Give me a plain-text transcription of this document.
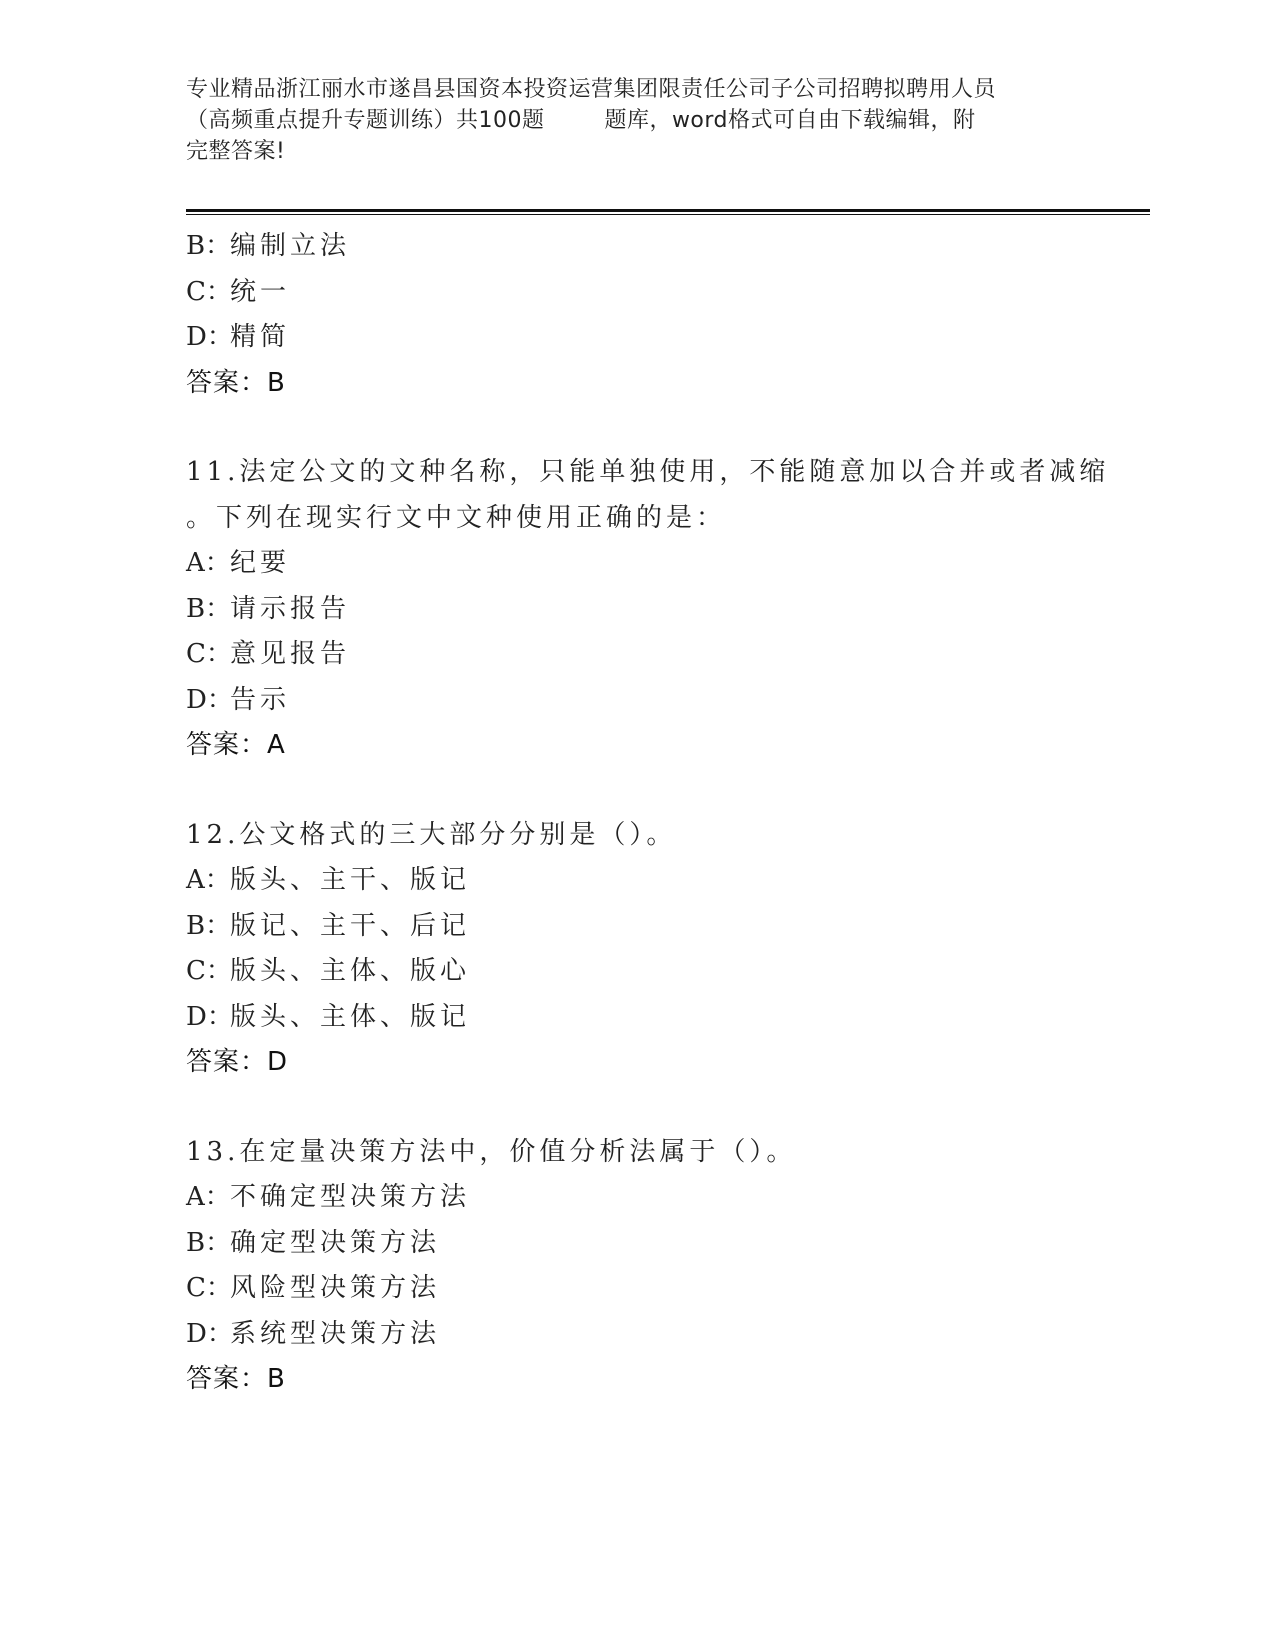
专业精品浙江丽水市遂昌县国资本投资运营集团限责任公司子公司招聘拟聘用人员
（高频重点提升专题训练）共100题        题库，word格式可自由下载编辑，附
完整答案!
B：编制立法
C：统一
D：精简
答案：B
11.法定公文的文种名称，只能单独使用，不能随意加以合并或者减缩
。下列在现实行文中文种使用正确的是：
A：纪要
B：请示报告
C：意见报告
D：告示
答案：A
12.公文格式的三大部分分别是（）。
A：版头、主干、版记
B：版记、主干、后记
C：版头、主体、版心
D：版头、主体、版记
答案：D
13.在定量决策方法中，价值分析法属于（）。
A：不确定型决策方法
B：确定型决策方法
C：风险型决策方法
D：系统型决策方法
答案：B
